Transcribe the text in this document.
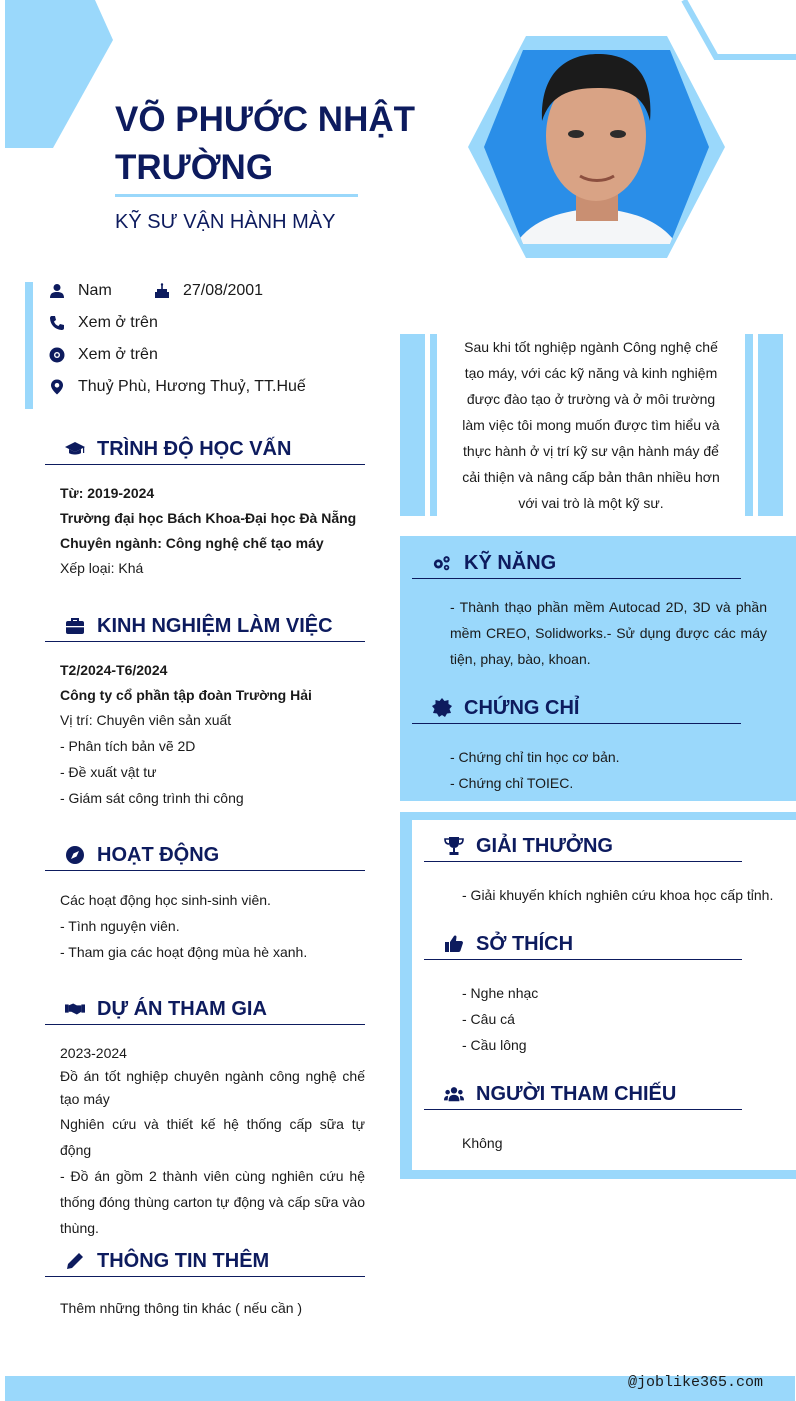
VÕ PHƯỚC NHẬT TRƯỜNG
KỸ SƯ VẬN HÀNH MÀY
Nam	27/08/2001
Xem ở trên
Xem ở trên
Thuỷ Phù, Hương Thuỷ, TT.Huế
TRÌNH ĐỘ HỌC VẤN
Từ: 2019-2024
Trường đại học Bách Khoa-Đại học Đà Nẵng
Chuyên ngành: Công nghệ chế tạo máy
Xếp loại: Khá
KINH NGHIỆM LÀM VIỆC
T2/2024-T6/2024
Công ty cổ phần tập đoàn Trường Hải
Vị trí: Chuyên viên sản xuất
- Phân tích bản vẽ 2D
- Đề xuất vật tư
- Giám sát công trình thi công
HOẠT ĐỘNG
Các hoạt động học sinh-sinh viên.
- Tình nguyện viên.
- Tham gia các hoạt động mùa hè xanh.
DỰ ÁN THAM GIA
2023-2024
Đồ án tốt nghiệp chuyên ngành công nghệ chế tạo máy
Nghiên cứu và thiết kế hệ thống cấp sữa tự động
- Đồ án gồm 2 thành viên cùng nghiên cứu hệ thống đóng thùng carton tự động và cấp sữa vào thùng.
THÔNG TIN THÊM
Thêm những thông tin khác ( nếu cần )
Sau khi tốt nghiệp ngành Công nghệ chế tạo máy, với các kỹ năng và kinh nghiệm được đào tạo ở trường và ở môi trường làm việc tôi mong muốn được tìm hiểu và thực hành ở vị trí kỹ sư vận hành máy để cải thiện và nâng cấp bản thân nhiều hơn với vai trò là một kỹ sư.
KỸ NĂNG
- Thành thạo phần mềm Autocad 2D, 3D và phần mềm CREO, Solidworks.- Sử dụng được các máy tiện, phay, bào, khoan.
CHỨNG CHỈ
- Chứng chỉ tin học cơ bản.
- Chứng chỉ TOIEC.
GIẢI THƯỞNG
- Giải khuyến khích nghiên cứu khoa học cấp tỉnh.
SỞ THÍCH
- Nghe nhạc
- Câu cá
- Cầu lông
NGƯỜI THAM CHIẾU
Không
@joblike365.com
